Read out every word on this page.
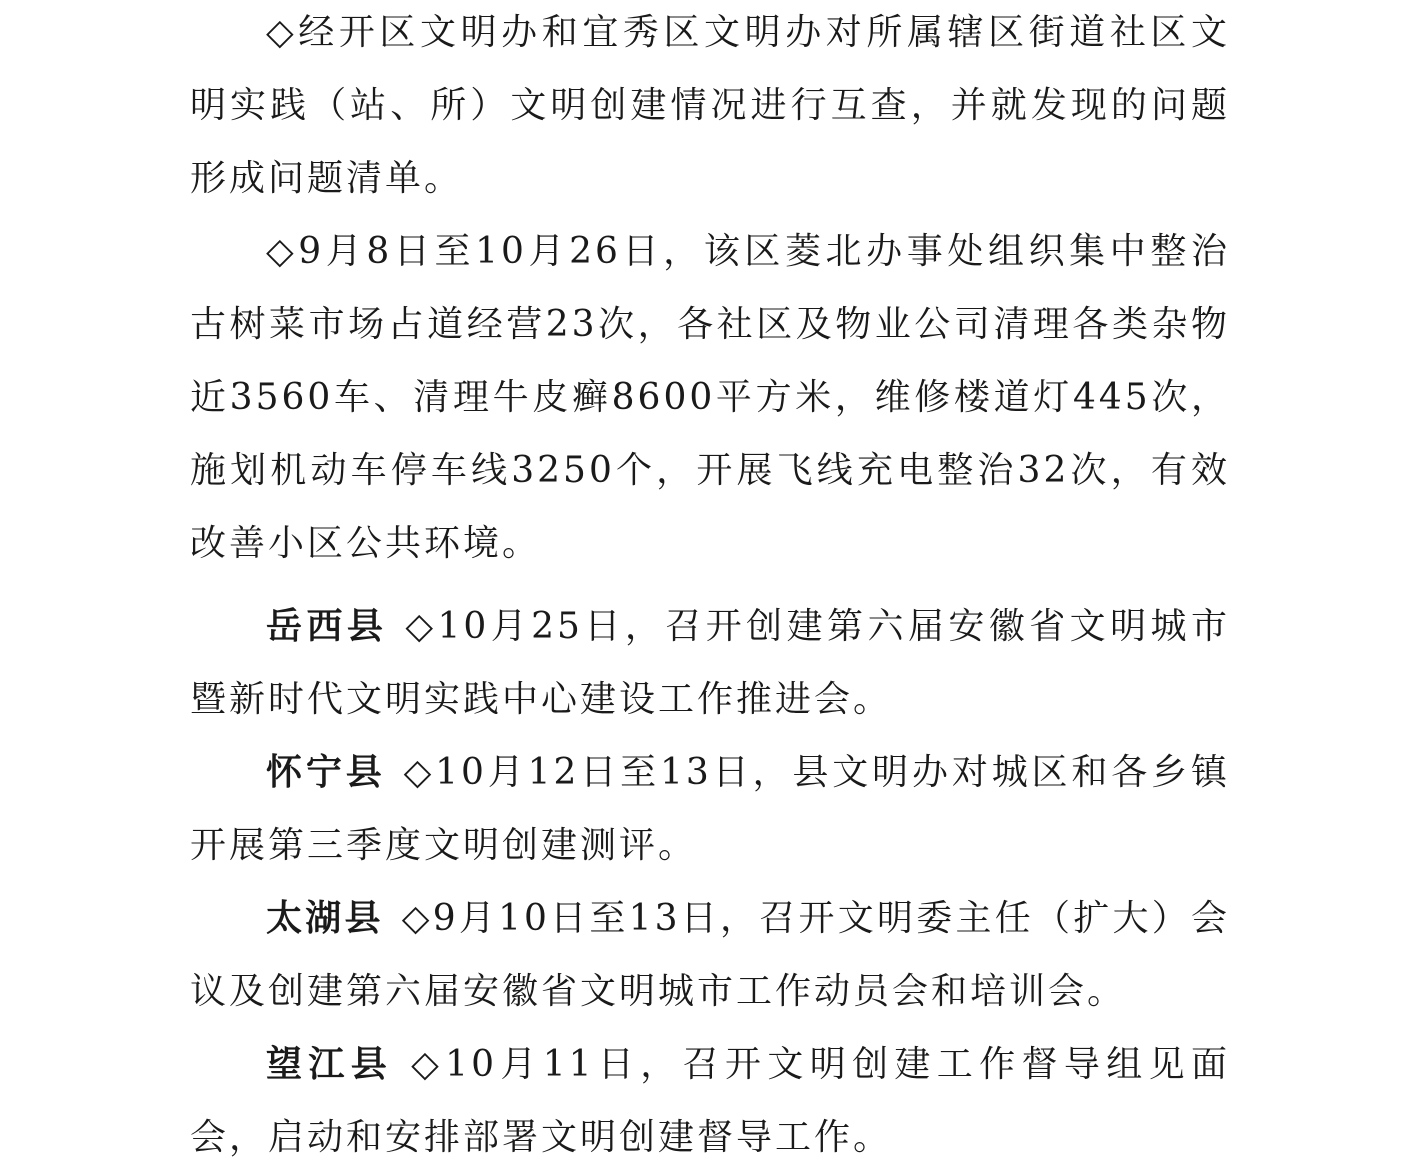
◇经开区文明办和宜秀区文明办对所属辖区街道社区文明实践（站、所）文明创建情况进行互查，并就发现的问题形成问题清单。

◇9月8日至10月26日，该区菱北办事处组织集中整治古树菜市场占道经营23次，各社区及物业公司清理各类杂物近3560车、清理牛皮癣8600平方米，维修楼道灯445次，施划机动车停车线3250个，开展飞线充电整治32次，有效改善小区公共环境。

岳西县 ◇10月25日，召开创建第六届安徽省文明城市暨新时代文明实践中心建设工作推进会。

怀宁县 ◇10月12日至13日，县文明办对城区和各乡镇开展第三季度文明创建测评。

太湖县 ◇9月10日至13日，召开文明委主任（扩大）会议及创建第六届安徽省文明城市工作动员会和培训会。

望江县 ◇10月11日，召开文明创建工作督导组见面会，启动和安排部署文明创建督导工作。
